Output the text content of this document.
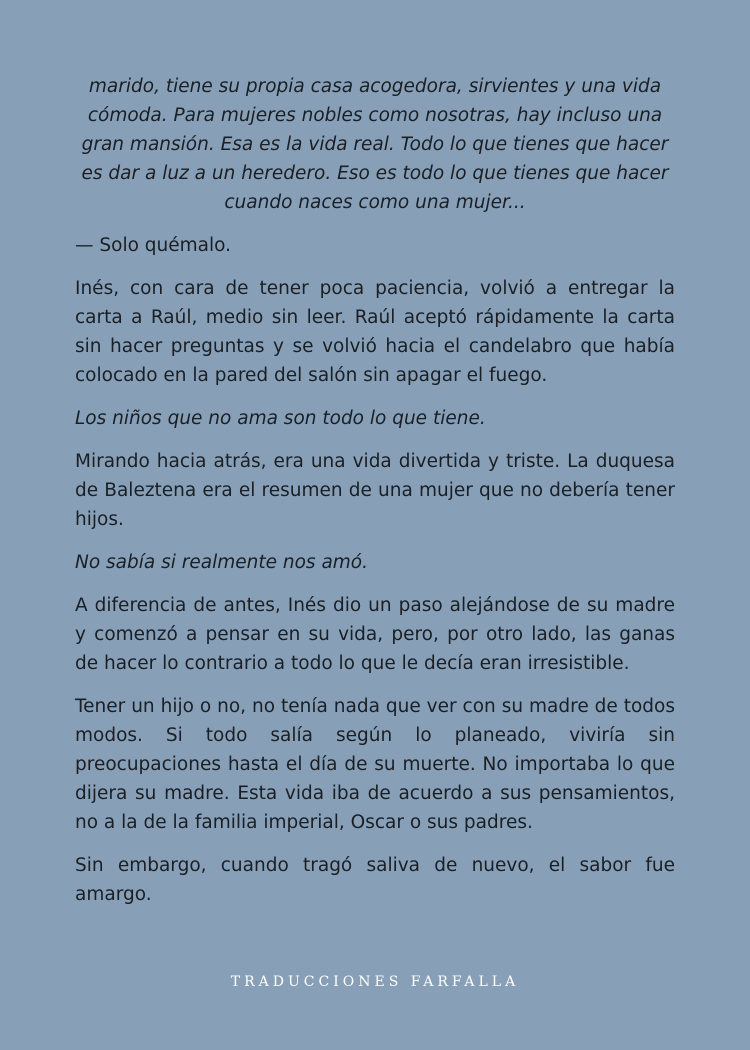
marido, tiene su propia casa acogedora, sirvientes y una vida cómoda. Para mujeres nobles como nosotras, hay incluso una gran mansión. Esa es la vida real. Todo lo que tienes que hacer es dar a luz a un heredero. Eso es todo lo que tienes que hacer cuando naces como una mujer...

— Solo quémalo.

Inés, con cara de tener poca paciencia, volvió a entregar la carta a Raúl, medio sin leer. Raúl aceptó rápidamente la carta sin hacer preguntas y se volvió hacia el candelabro que había colocado en la pared del salón sin apagar el fuego.

Los niños que no ama son todo lo que tiene.

Mirando hacia atrás, era una vida divertida y triste. La duquesa de Baleztena era el resumen de una mujer que no debería tener hijos.

No sabía si realmente nos amó.

A diferencia de antes, Inés dio un paso alejándose de su madre y comenzó a pensar en su vida, pero, por otro lado, las ganas de hacer lo contrario a todo lo que le decía eran irresistible.

Tener un hijo o no, no tenía nada que ver con su madre de todos modos. Si todo salía según lo planeado, viviría sin preocupaciones hasta el día de su muerte. No importaba lo que dijera su madre. Esta vida iba de acuerdo a sus pensamientos, no a la de la familia imperial, Oscar o sus padres.

Sin embargo, cuando tragó saliva de nuevo, el sabor fue amargo.

TRADUCCIONES FARFALLA
